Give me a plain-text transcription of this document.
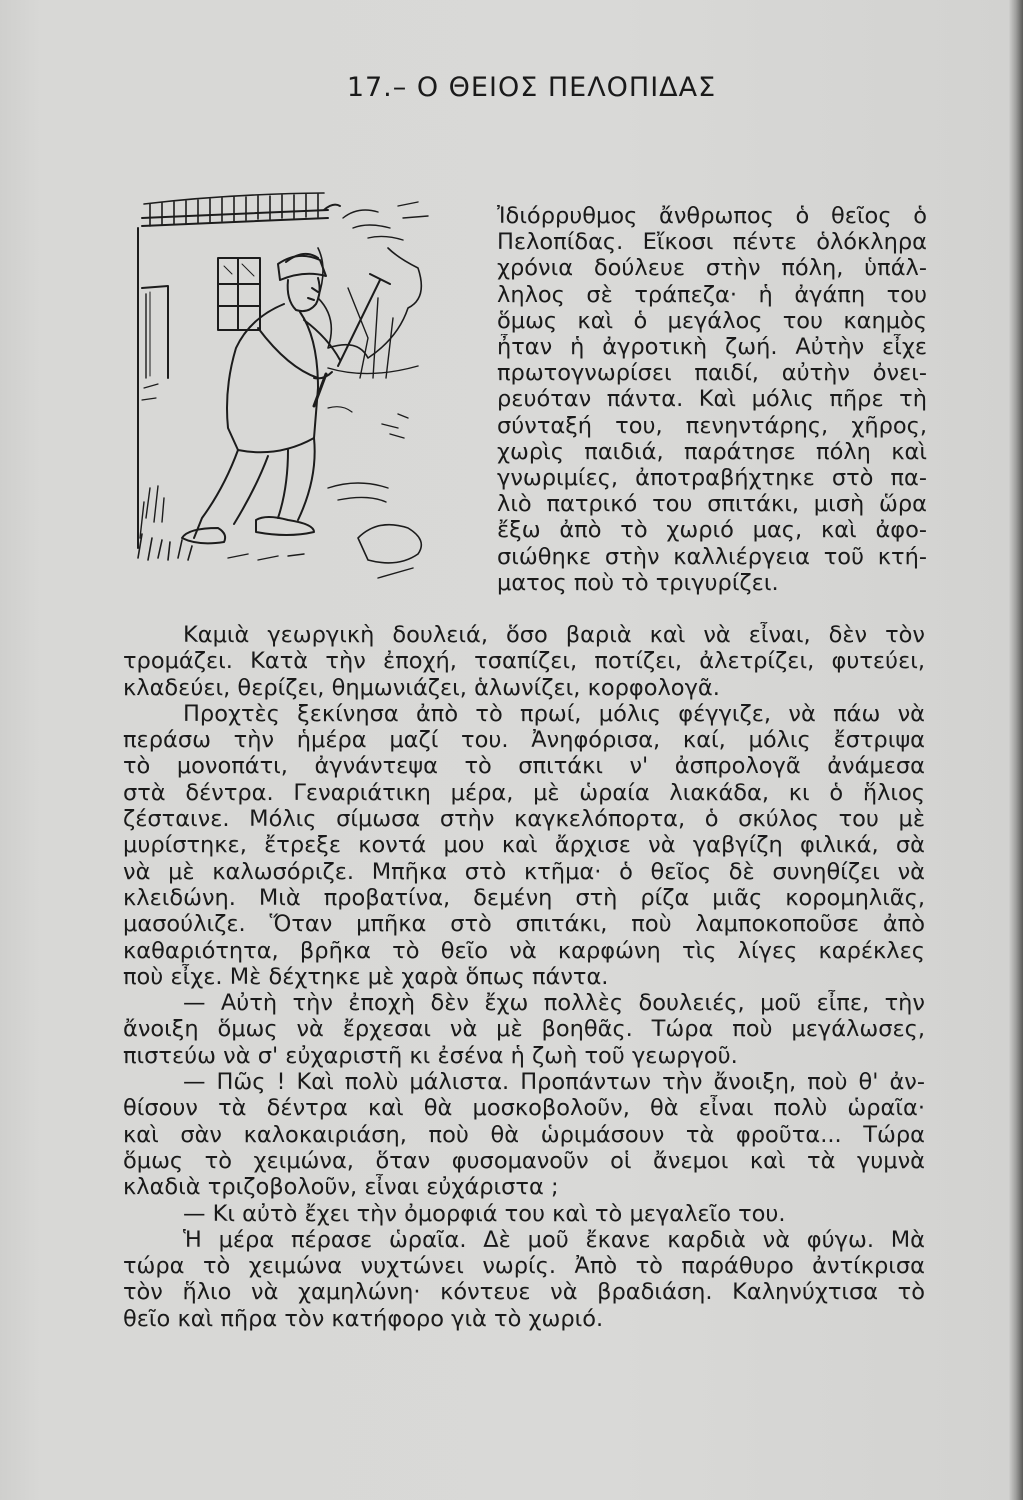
17.– Ο ΘΕΙΟΣ ΠΕΛΟΠΙΔΑΣ
Ἰδιόρρυθμος ἄνθρωπος ὁ θεῖος ὁ
Πελοπίδας. Εἴκοσι πέντε ὁλόκληρα
χρόνια δούλευε στὴν πόλη, ὑπάλ-
ληλος σὲ τράπεζα· ἡ ἀγάπη του
ὅμως καὶ ὁ μεγάλος του καημὸς
ἦταν ἡ ἀγροτικὴ ζωή. Αὐτὴν εἶχε
πρωτογνωρίσει παιδί, αὐτὴν ὀνει-
ρευόταν πάντα. Καὶ μόλις πῆρε τὴ
σύνταξή του, πενηντάρης, χῆρος,
χωρὶς παιδιά, παράτησε πόλη καὶ
γνωριμίες, ἀποτραβήχτηκε στὸ πα-
λιὸ πατρικό του σπιτάκι, μισὴ ὥρα
ἔξω ἀπὸ τὸ χωριό μας, καὶ ἀφο-
σιώθηκε στὴν καλλιέργεια τοῦ κτή-
ματος ποὺ τὸ τριγυρίζει.
Καμιὰ γεωργικὴ δουλειά, ὅσο βαριὰ καὶ νὰ εἶναι, δὲν τὸν
τρομάζει. Κατὰ τὴν ἐποχή, τσαπίζει, ποτίζει, ἀλετρίζει, φυτεύει,
κλαδεύει, θερίζει, θημωνιάζει, ἁλωνίζει, κορφολογᾶ.
Προχτὲς ξεκίνησα ἀπὸ τὸ πρωί, μόλις φέγγιζε, νὰ πάω νὰ
περάσω τὴν ἡμέρα μαζί του. Ἀνηφόρισα, καί, μόλις ἔστριψα
τὸ μονοπάτι, ἀγνάντεψα τὸ σπιτάκι ν' ἀσπρολογᾶ ἀνάμεσα
στὰ δέντρα. Γεναριάτικη μέρα, μὲ ὡραία λιακάδα, κι ὁ ἥλιος
ζέσταινε. Μόλις σίμωσα στὴν καγκελόπορτα, ὁ σκύλος του μὲ
μυρίστηκε, ἔτρεξε κοντά μου καὶ ἄρχισε νὰ γαβγίζη φιλικά, σὰ
νὰ μὲ καλωσόριζε. Μπῆκα στὸ κτῆμα· ὁ θεῖος δὲ συνηθίζει νὰ
κλειδώνη. Μιὰ προβατίνα, δεμένη στὴ ρίζα μιᾶς κορομηλιᾶς,
μασούλιζε. Ὅταν μπῆκα στὸ σπιτάκι, ποὺ λαμποκοποῦσε ἀπὸ
καθαριότητα, βρῆκα τὸ θεῖο νὰ καρφώνη τὶς λίγες καρέκλες
ποὺ εἶχε. Μὲ δέχτηκε μὲ χαρὰ ὅπως πάντα.
— Αὐτὴ τὴν ἐποχὴ δὲν ἔχω πολλὲς δουλειές, μοῦ εἶπε, τὴν
ἄνοιξη ὅμως νὰ ἔρχεσαι νὰ μὲ βοηθᾶς. Τώρα ποὺ μεγάλωσες,
πιστεύω νὰ σ' εὐχαριστῆ κι ἐσένα ἡ ζωὴ τοῦ γεωργοῦ.
— Πῶς ! Καὶ πολὺ μάλιστα. Προπάντων τὴν ἄνοιξη, ποὺ θ' ἀν-
θίσουν τὰ δέντρα καὶ θὰ μοσκοβολοῦν, θὰ εἶναι πολὺ ὡραῖα·
καὶ σὰν καλοκαιριάση, ποὺ θὰ ὡριμάσουν τὰ φροῦτα... Τώρα
ὅμως τὸ χειμώνα, ὅταν φυσομανοῦν οἱ ἄνεμοι καὶ τὰ γυμνὰ
κλαδιὰ τριζοβολοῦν, εἶναι εὐχάριστα ;
— Κι αὐτὸ ἔχει τὴν ὀμορφιά του καὶ τὸ μεγαλεῖο του.
Ἡ μέρα πέρασε ὡραῖα. Δὲ μοῦ ἔκανε καρδιὰ νὰ φύγω. Μὰ
τώρα τὸ χειμώνα νυχτώνει νωρίς. Ἀπὸ τὸ παράθυρο ἀντίκρισα
τὸν ἥλιο νὰ χαμηλώνη· κόντευε νὰ βραδιάση. Καληνύχτισα τὸ
θεῖο καὶ πῆρα τὸν κατήφορο γιὰ τὸ χωριό.
